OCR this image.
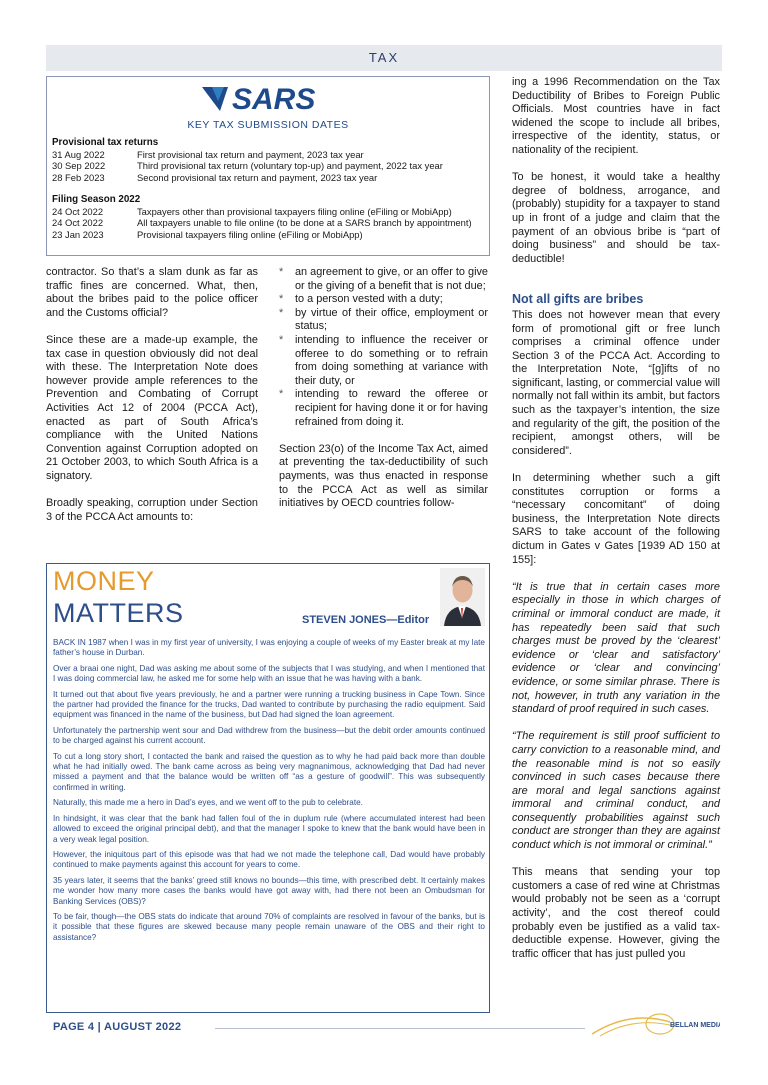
TAX
SARS
KEY TAX SUBMISSION DATES
Provisional tax returns
31 Aug 2022	First provisional tax return and payment, 2023 tax year
30 Sep 2022	Third provisional tax return (voluntary top-up) and payment, 2022 tax year
28 Feb 2023	Second provisional tax return and payment, 2023 tax year
Filing Season 2022
24 Oct 2022	Taxpayers other than provisional taxpayers filing online (eFiling or MobiApp)
24 Oct 2022	All taxpayers unable to file online (to be done at a SARS branch by appointment)
23 Jan 2023	Provisional taxpayers filing online (eFiling or MobiApp)

contractor. So that’s a slam dunk as far as traffic fines are concerned. What, then, about the bribes paid to the police officer and the Customs official?

Since these are a made-up example, the tax case in question obviously did not deal with these. The Interpretation Note does however provide ample references to the Prevention and Combating of Corrupt Activities Act 12 of 2004 (PCCA Act), enacted as part of South Africa’s compliance with the United Nations Convention against Corruption adopted on 21 October 2003, to which South Africa is a signatory.

Broadly speaking, corruption under Section 3 of the PCCA Act amounts to:

*	an agreement to give, or an offer to give or the giving of a benefit that is not due;
*	to a person vested with a duty;
*	by virtue of their office, employment or status;
*	intending to influence the receiver or offeree to do something or to refrain from doing something at variance with their duty, or
*	intending to reward the offeree or recipient for having done it or for having refrained from doing it.

Section 23(o) of the Income Tax Act, aimed at preventing the tax-deductibility of such payments, was thus enacted in response to the PCCA Act as well as similar initiatives by OECD countries follow-

ing a 1996 Recommendation on the Tax Deductibility of Bribes to Foreign Public Officials. Most countries have in fact widened the scope to include all bribes, irrespective of the identity, status, or nationality of the recipient.

To be honest, it would take a healthy degree of boldness, arrogance, and (probably) stupidity for a taxpayer to stand up in front of a judge and claim that the payment of an obvious bribe is “part of doing business” and should be tax-deductible!

Not all gifts are bribes

This does not however mean that every form of promotional gift or free lunch comprises a criminal offence under Section 3 of the PCCA Act. According to the Interpretation Note, “[g]ifts of no significant, lasting, or commercial value will normally not fall within its ambit, but factors such as the taxpayer’s intention, the size and regularity of the gift, the position of the recipient, amongst others, will be considered”.

In determining whether such a gift constitutes corruption or forms a “necessary concomitant” of doing business, the Interpretation Note directs SARS to take account of the following dictum in Gates v Gates [1939 AD 150 at 155]:

“It is true that in certain cases more especially in those in which charges of criminal or immoral conduct are made, it has repeatedly been said that such charges must be proved by the ‘clearest’ evidence or ‘clear and satisfactory’ evidence or ‘clear and convincing’ evidence, or some similar phrase. There is not, however, in truth any variation in the standard of proof required in such cases.

“The requirement is still proof sufficient to carry conviction to a reasonable mind, and the reasonable mind is not so easily convinced in such cases because there are moral and legal sanctions against immoral and criminal conduct, and consequently probabilities against such conduct are stronger than they are against conduct which is not immoral or criminal.”

This means that sending your top customers a case of red wine at Christmas would probably not be seen as a ‘corrupt activity’, and the cost thereof could probably even be justified as a valid tax-deductible expense. However, giving the traffic officer that has just pulled you

MONEY
MATTERS	STEVEN JONES—Editor

BACK IN 1987 when I was in my first year of university, I was enjoying a couple of weeks of my Easter break at my late father’s house in Durban.

Over a braai one night, Dad was asking me about some of the subjects that I was studying, and when I mentioned that I was doing commercial law, he asked me for some help with an issue that he was having with a bank.

It turned out that about five years previously, he and a partner were running a trucking business in Cape Town. Since the partner had provided the finance for the trucks, Dad wanted to contribute by purchasing the radio equipment. Said equipment was financed in the name of the business, but Dad had signed the loan agreement.

Unfortunately the partnership went sour and Dad withdrew from the business—but the debit order amounts continued to be charged against his current account.

To cut a long story short, I contacted the bank and raised the question as to why he had paid back more than double what he had initially owed. The bank came across as being very magnanimous, acknowledging that Dad had never missed a payment and that the balance would be written off “as a gesture of goodwill”. This was subsequently confirmed in writing.

Naturally, this made me a hero in Dad’s eyes, and we went off to the pub to celebrate.

In hindsight, it was clear that the bank had fallen foul of the in duplum rule (where accumulated interest had been allowed to exceed the original principal debt), and that the manager I spoke to knew that the bank would have been in a very weak legal position.

However, the iniquitous part of this episode was that had we not made the telephone call, Dad would have probably continued to make payments against this account for years to come.

35 years later, it seems that the banks’ greed still knows no bounds—this time, with prescribed debt. It certainly makes me wonder how many more cases the banks would have got away with, had there not been an Ombudsman for Banking Services (OBS)?

To be fair, though—the OBS stats do indicate that around 70% of complaints are resolved in favour of the banks, but is it possible that these figures are skewed because many people remain unaware of the OBS and their right to assistance?

PAGE 4 | AUGUST 2022	BELLAN MEDIA
